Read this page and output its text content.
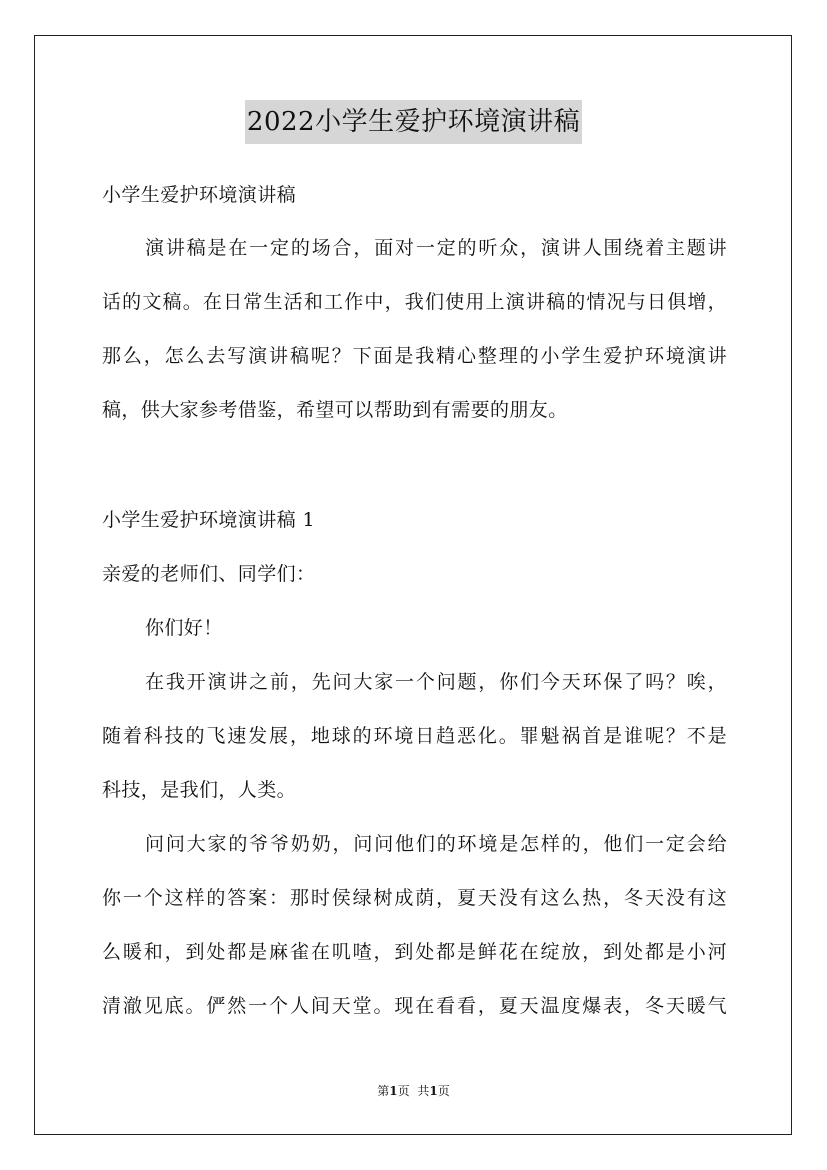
2022小学生爱护环境演讲稿
小学生爱护环境演讲稿
演讲稿是在一定的场合，面对一定的听众，演讲人围绕着主题讲
话的文稿。在日常生活和工作中，我们使用上演讲稿的情况与日俱增，
那么，怎么去写演讲稿呢？下面是我精心整理的小学生爱护环境演讲
稿，供大家参考借鉴，希望可以帮助到有需要的朋友。
小学生爱护环境演讲稿 1
亲爱的老师们、同学们：
你们好！
在我开演讲之前，先问大家一个问题，你们今天环保了吗？唉，
随着科技的飞速发展，地球的环境日趋恶化。罪魁祸首是谁呢？不是
科技，是我们，人类。
问问大家的爷爷奶奶，问问他们的环境是怎样的，他们一定会给
你一个这样的答案：那时侯绿树成荫，夏天没有这么热，冬天没有这
么暖和，到处都是麻雀在叽喳，到处都是鲜花在绽放，到处都是小河
清澈见底。俨然一个人间天堂。现在看看，夏天温度爆表，冬天暖气
第1页 共1页
